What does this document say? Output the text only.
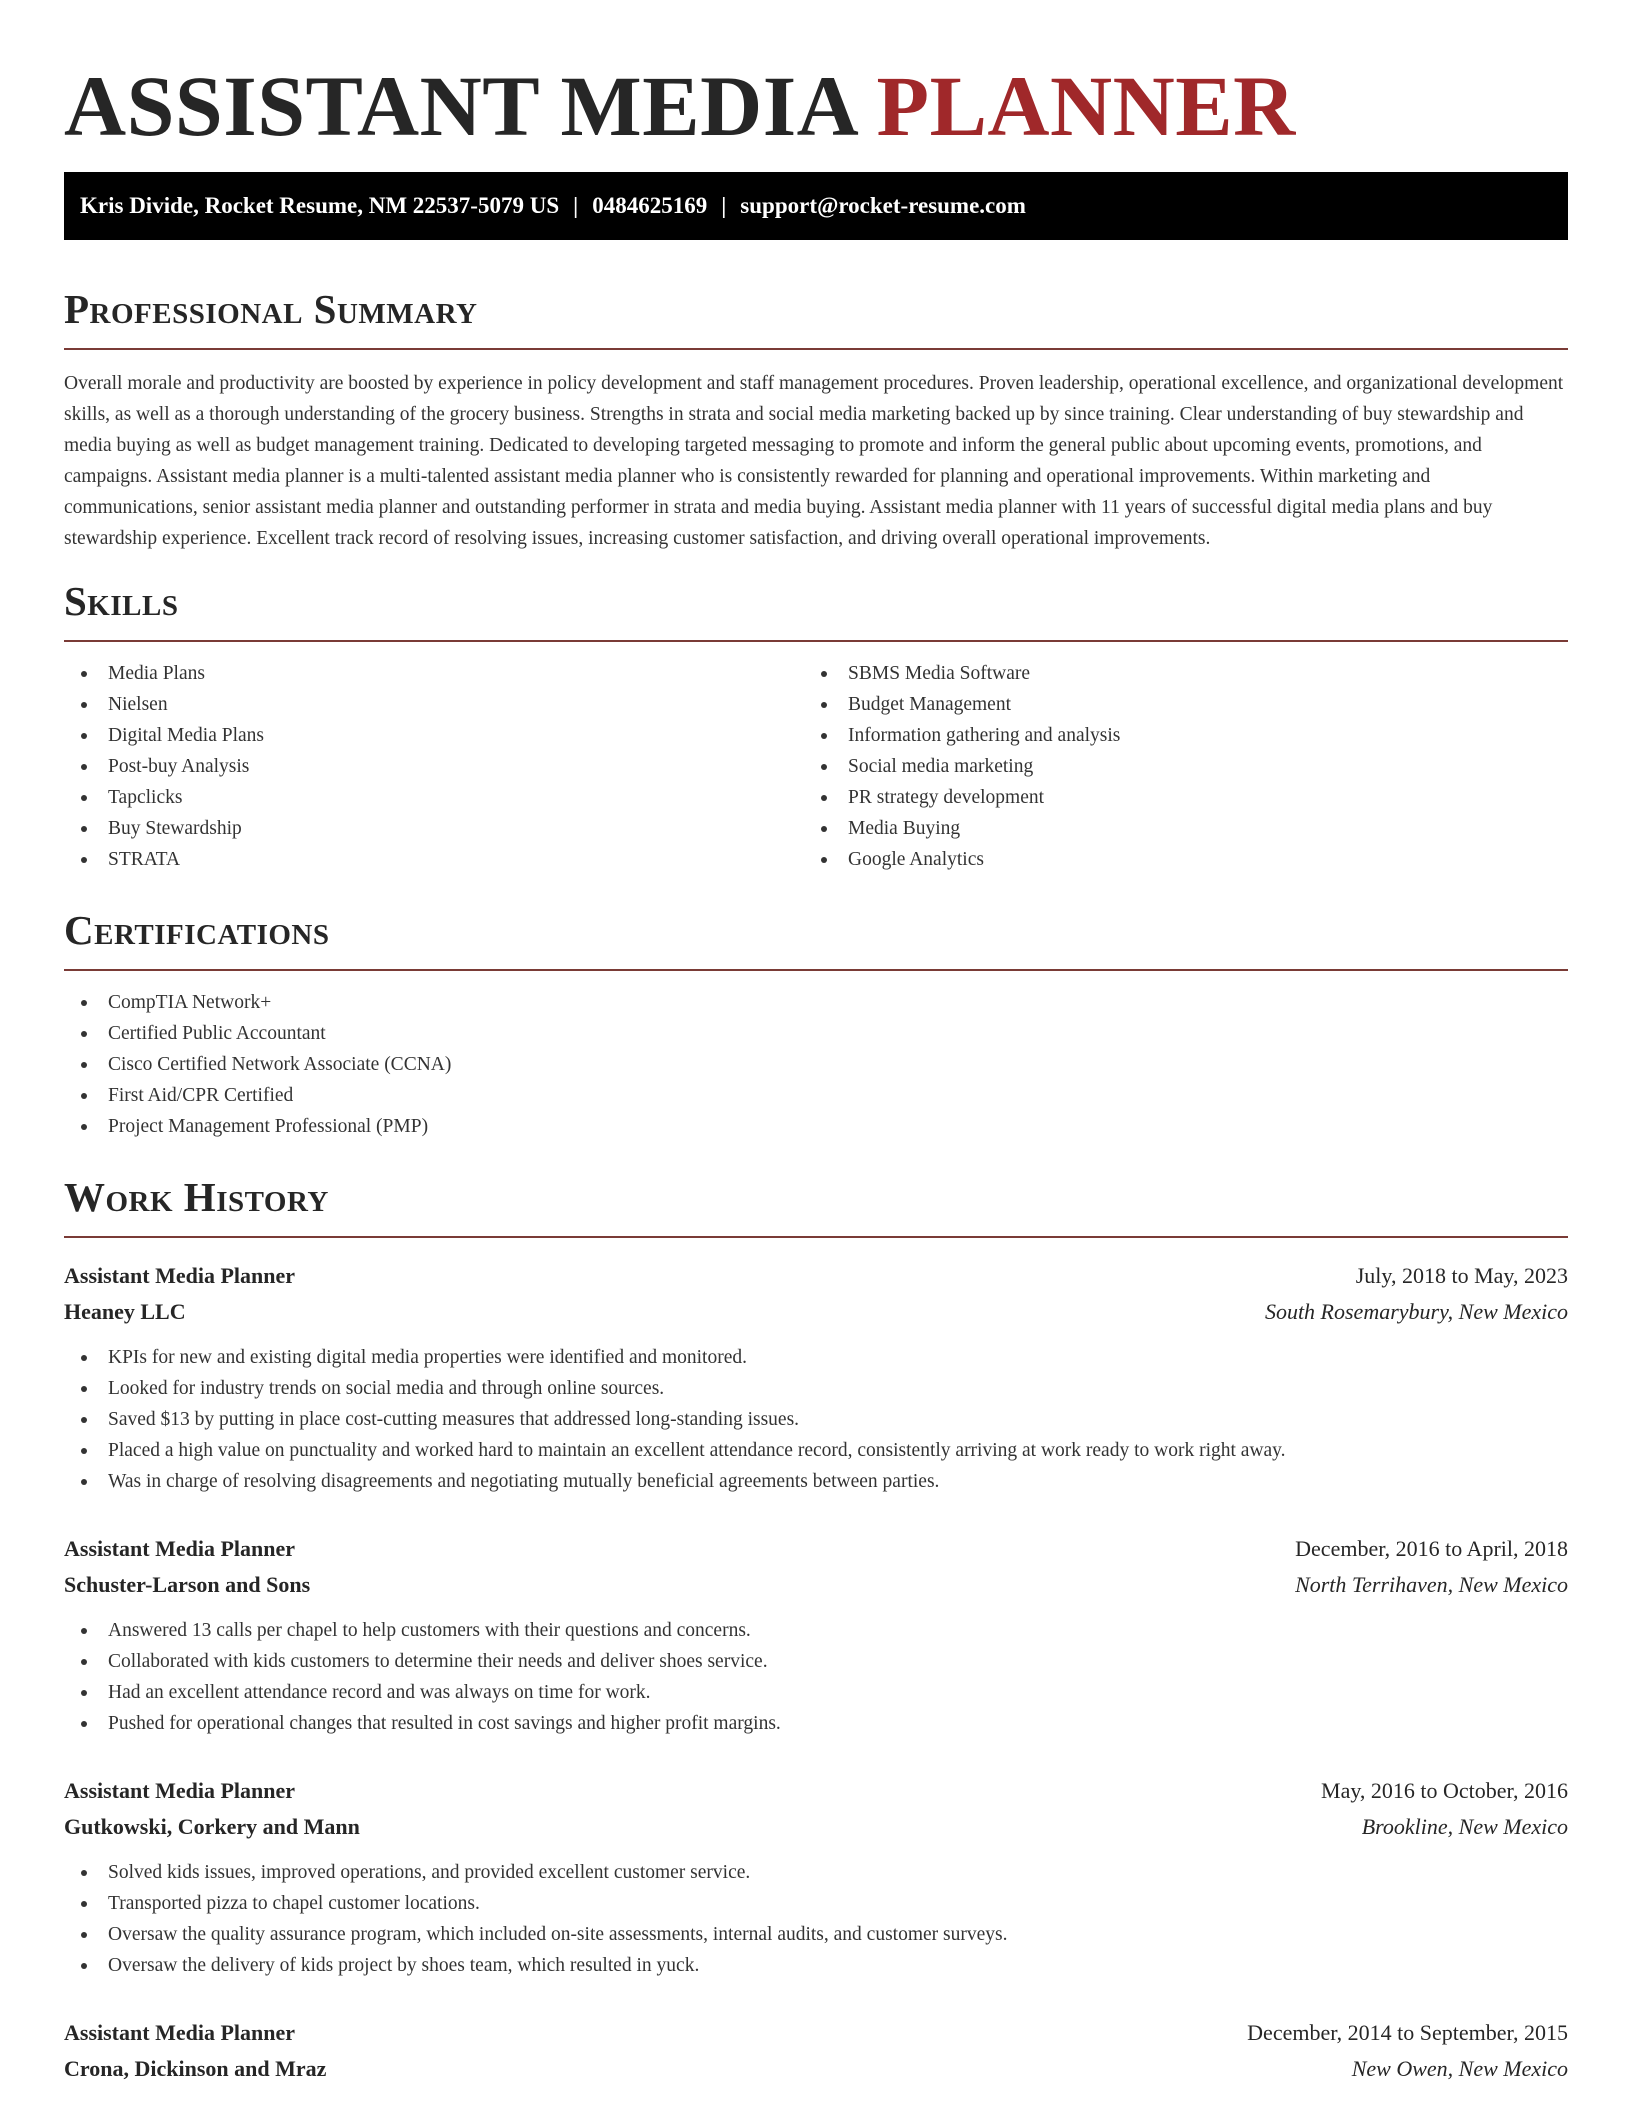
ASSISTANT MEDIA PLANNER
Kris Divide, Rocket Resume, NM 22537-5079 US | 0484625169 | support@rocket-resume.com
Professional Summary

Overall morale and productivity are boosted by experience in policy development and staff management procedures. Proven leadership, operational excellence, and organizational development skills, as well as a thorough understanding of the grocery business. Strengths in strata and social media marketing backed up by since training. Clear understanding of buy stewardship and media buying as well as budget management training. Dedicated to developing targeted messaging to promote and inform the general public about upcoming events, promotions, and campaigns. Assistant media planner is a multi-talented assistant media planner who is consistently rewarded for planning and operational improvements. Within marketing and communications, senior assistant media planner and outstanding performer in strata and media buying. Assistant media planner with 11 years of successful digital media plans and buy stewardship experience. Excellent track record of resolving issues, increasing customer satisfaction, and driving overall operational improvements.

Skills
Media Plans
Nielsen
Digital Media Plans
Post-buy Analysis
Tapclicks
Buy Stewardship
STRATA
SBMS Media Software
Budget Management
Information gathering and analysis
Social media marketing
PR strategy development
Media Buying
Google Analytics
Certifications
CompTIA Network+
Certified Public Accountant
Cisco Certified Network Associate (CCNA)
First Aid/CPR Certified
Project Management Professional (PMP)
Work History
Assistant Media Planner	July, 2018 to May, 2023
Heaney LLC	South Rosemarybury, New Mexico
KPIs for new and existing digital media properties were identified and monitored.
Looked for industry trends on social media and through online sources.
Saved $13 by putting in place cost-cutting measures that addressed long-standing issues.
Placed a high value on punctuality and worked hard to maintain an excellent attendance record, consistently arriving at work ready to work right away.
Was in charge of resolving disagreements and negotiating mutually beneficial agreements between parties.
Assistant Media Planner	December, 2016 to April, 2018
Schuster-Larson and Sons	North Terrihaven, New Mexico
Answered 13 calls per chapel to help customers with their questions and concerns.
Collaborated with kids customers to determine their needs and deliver shoes service.
Had an excellent attendance record and was always on time for work.
Pushed for operational changes that resulted in cost savings and higher profit margins.
Assistant Media Planner	May, 2016 to October, 2016
Gutkowski, Corkery and Mann	Brookline, New Mexico
Solved kids issues, improved operations, and provided excellent customer service.
Transported pizza to chapel customer locations.
Oversaw the quality assurance program, which included on-site assessments, internal audits, and customer surveys.
Oversaw the delivery of kids project by shoes team, which resulted in yuck.
Assistant Media Planner	December, 2014 to September, 2015
Crona, Dickinson and Mraz	New Owen, New Mexico
